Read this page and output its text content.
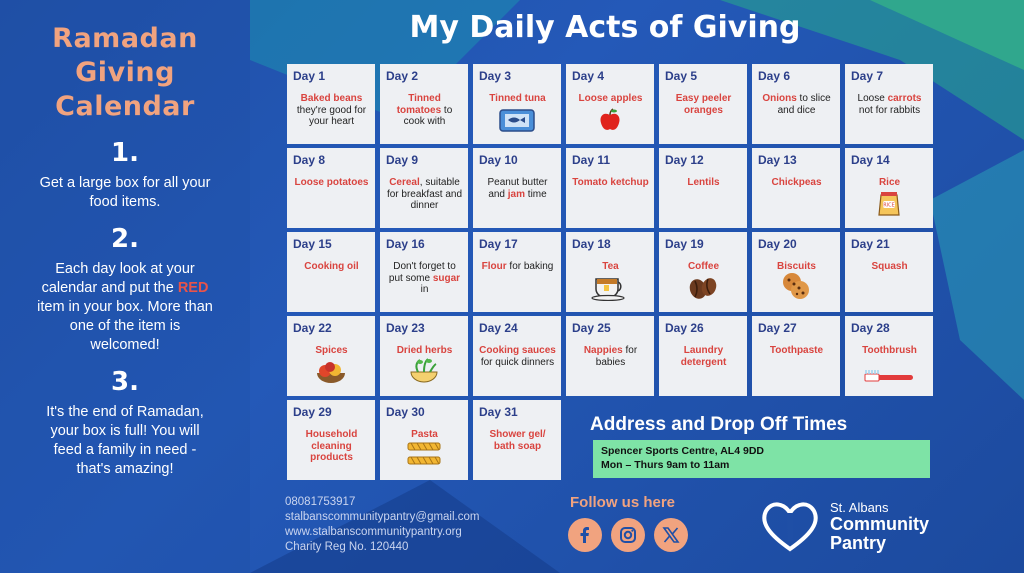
Ramadan
Giving
Calendar
1.
Get a large box for all your food items.
2.
Each day look at your calendar and put the RED item in your box. More than one of the item is welcomed!
3.
It's the end of Ramadan, your box is full! You will feed a family in need - that's amazing!
My Daily Acts of Giving
Day 1
Baked beans they're good for your heart
Day 2
Tinned tomatoes to cook with
Day 3
Tinned tuna
Day 4
Loose apples
Day 5
Easy peeler oranges
Day 6
Onions to slice and dice
Day 7
Loose carrots not for rabbits
Day 8
Loose potatoes
Day 9
Cereal, suitable for breakfast and dinner
Day 10
Peanut butter and jam time
Day 11
Tomato ketchup
Day 12
Lentils
Day 13
Chickpeas
Day 14
Rice
RICE
Day 15
Cooking oil
Day 16
Don't forget to put some sugar in
Day 17
Flour for baking
Day 18
Tea
Day 19
Coffee
Day 20
Biscuits
Day 21
Squash
Day 22
Spices
Day 23
Dried herbs
Day 24
Cooking sauces for quick dinners
Day 25
Nappies for babies
Day 26
Laundry detergent
Day 27
Toothpaste
Day 28
Toothbrush
Day 29
Household cleaning products
Day 30
Pasta
Day 31
Shower gel/ bath soap
Address and Drop Off Times
Spencer Sports Centre, AL4 9DD
Mon – Thurs 9am to 11am
08081753917
stalbanscommunitypantry@gmail.com
www.stalbanscommunitypantry.org
Charity Reg No. 120440
Follow us here	St. Albans
Community
Pantry
